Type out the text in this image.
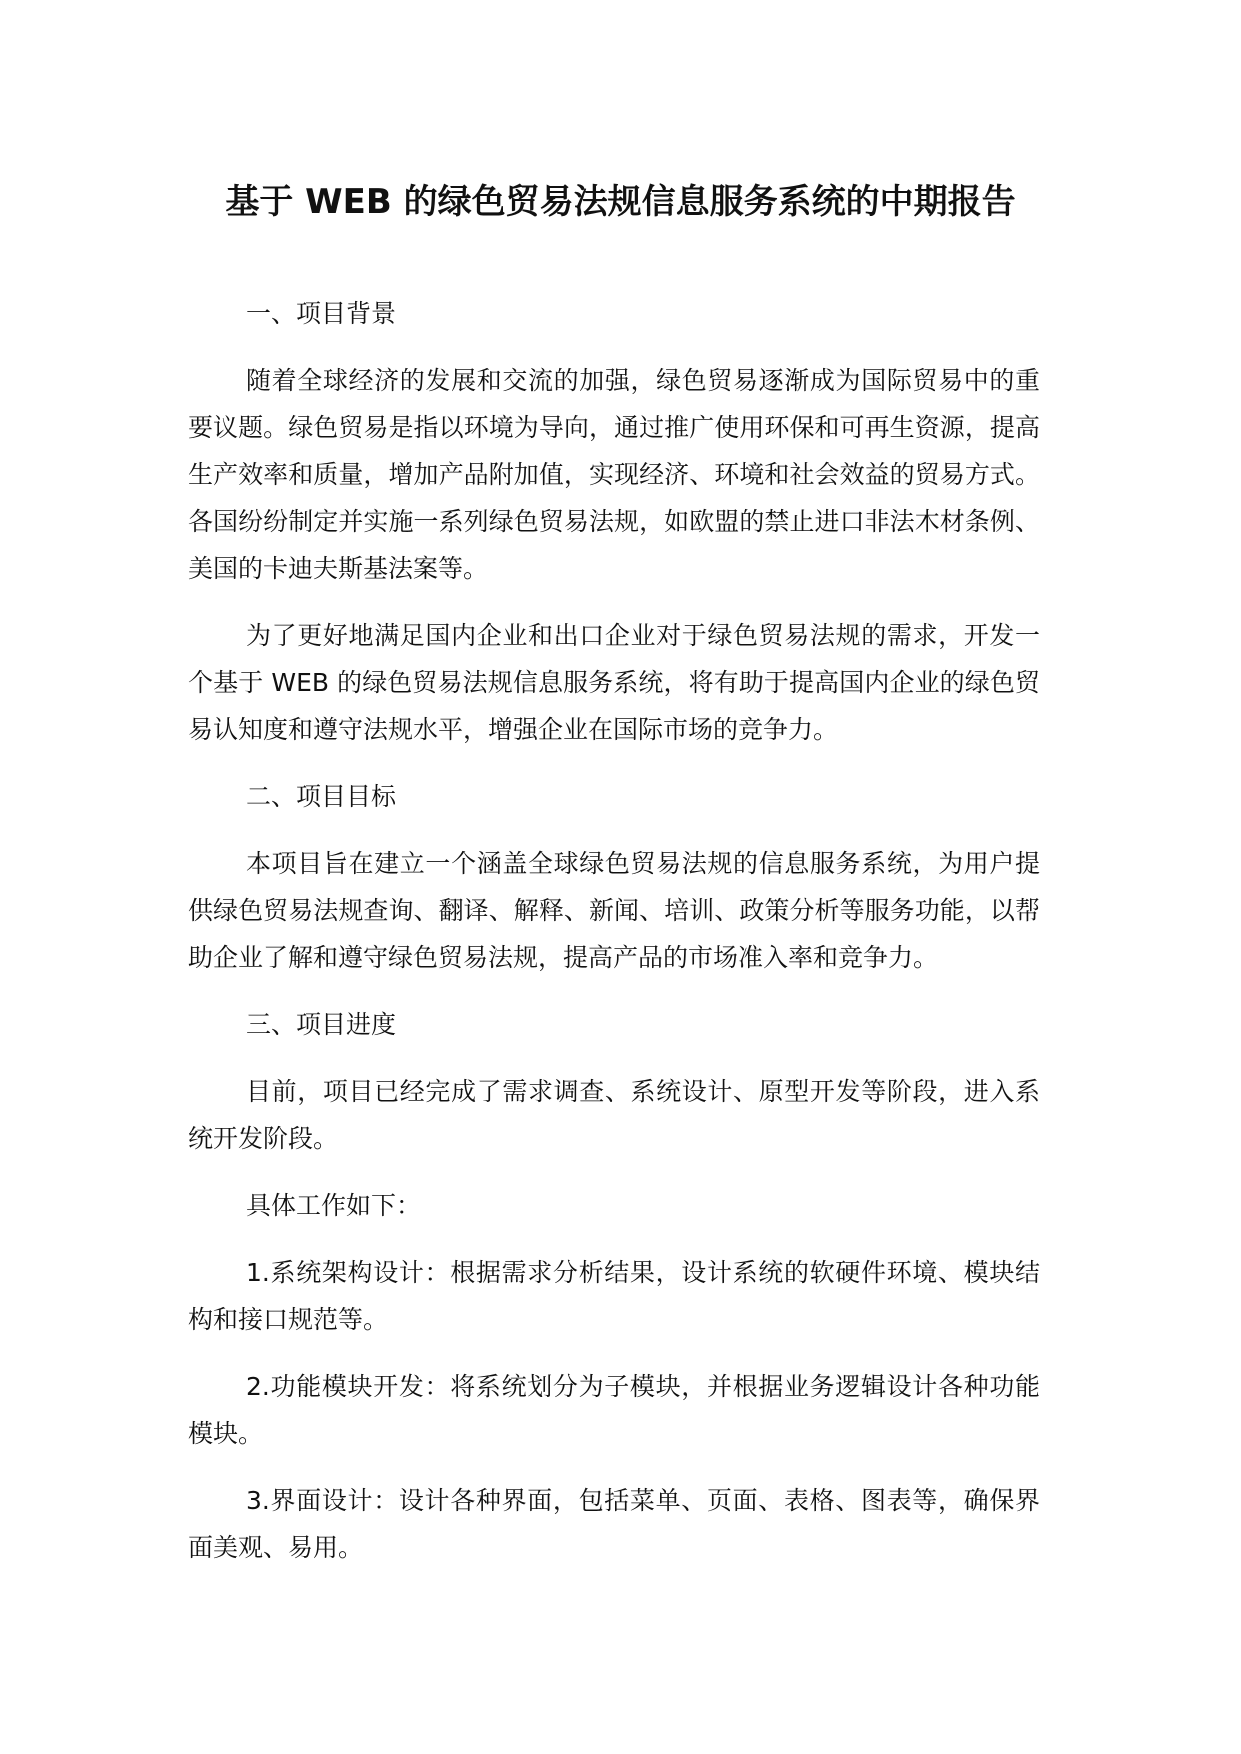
基于 WEB 的绿色贸易法规信息服务系统的中期报告

一、项目背景

随着全球经济的发展和交流的加强，绿色贸易逐渐成为国际贸易中的重要议题。绿色贸易是指以环境为导向，通过推广使用环保和可再生资源，提高生产效率和质量，增加产品附加值，实现经济、环境和社会效益的贸易方式。各国纷纷制定并实施一系列绿色贸易法规，如欧盟的禁止进口非法木材条例、美国的卡迪夫斯基法案等。

为了更好地满足国内企业和出口企业对于绿色贸易法规的需求，开发一个基于 WEB 的绿色贸易法规信息服务系统，将有助于提高国内企业的绿色贸易认知度和遵守法规水平，增强企业在国际市场的竞争力。

二、项目目标

本项目旨在建立一个涵盖全球绿色贸易法规的信息服务系统，为用户提供绿色贸易法规查询、翻译、解释、新闻、培训、政策分析等服务功能，以帮助企业了解和遵守绿色贸易法规，提高产品的市场准入率和竞争力。

三、项目进度

目前，项目已经完成了需求调查、系统设计、原型开发等阶段，进入系统开发阶段。

具体工作如下：

1.系统架构设计：根据需求分析结果，设计系统的软硬件环境、模块结构和接口规范等。

2.功能模块开发：将系统划分为子模块，并根据业务逻辑设计各种功能模块。

3.界面设计：设计各种界面，包括菜单、页面、表格、图表等，确保界面美观、易用。
